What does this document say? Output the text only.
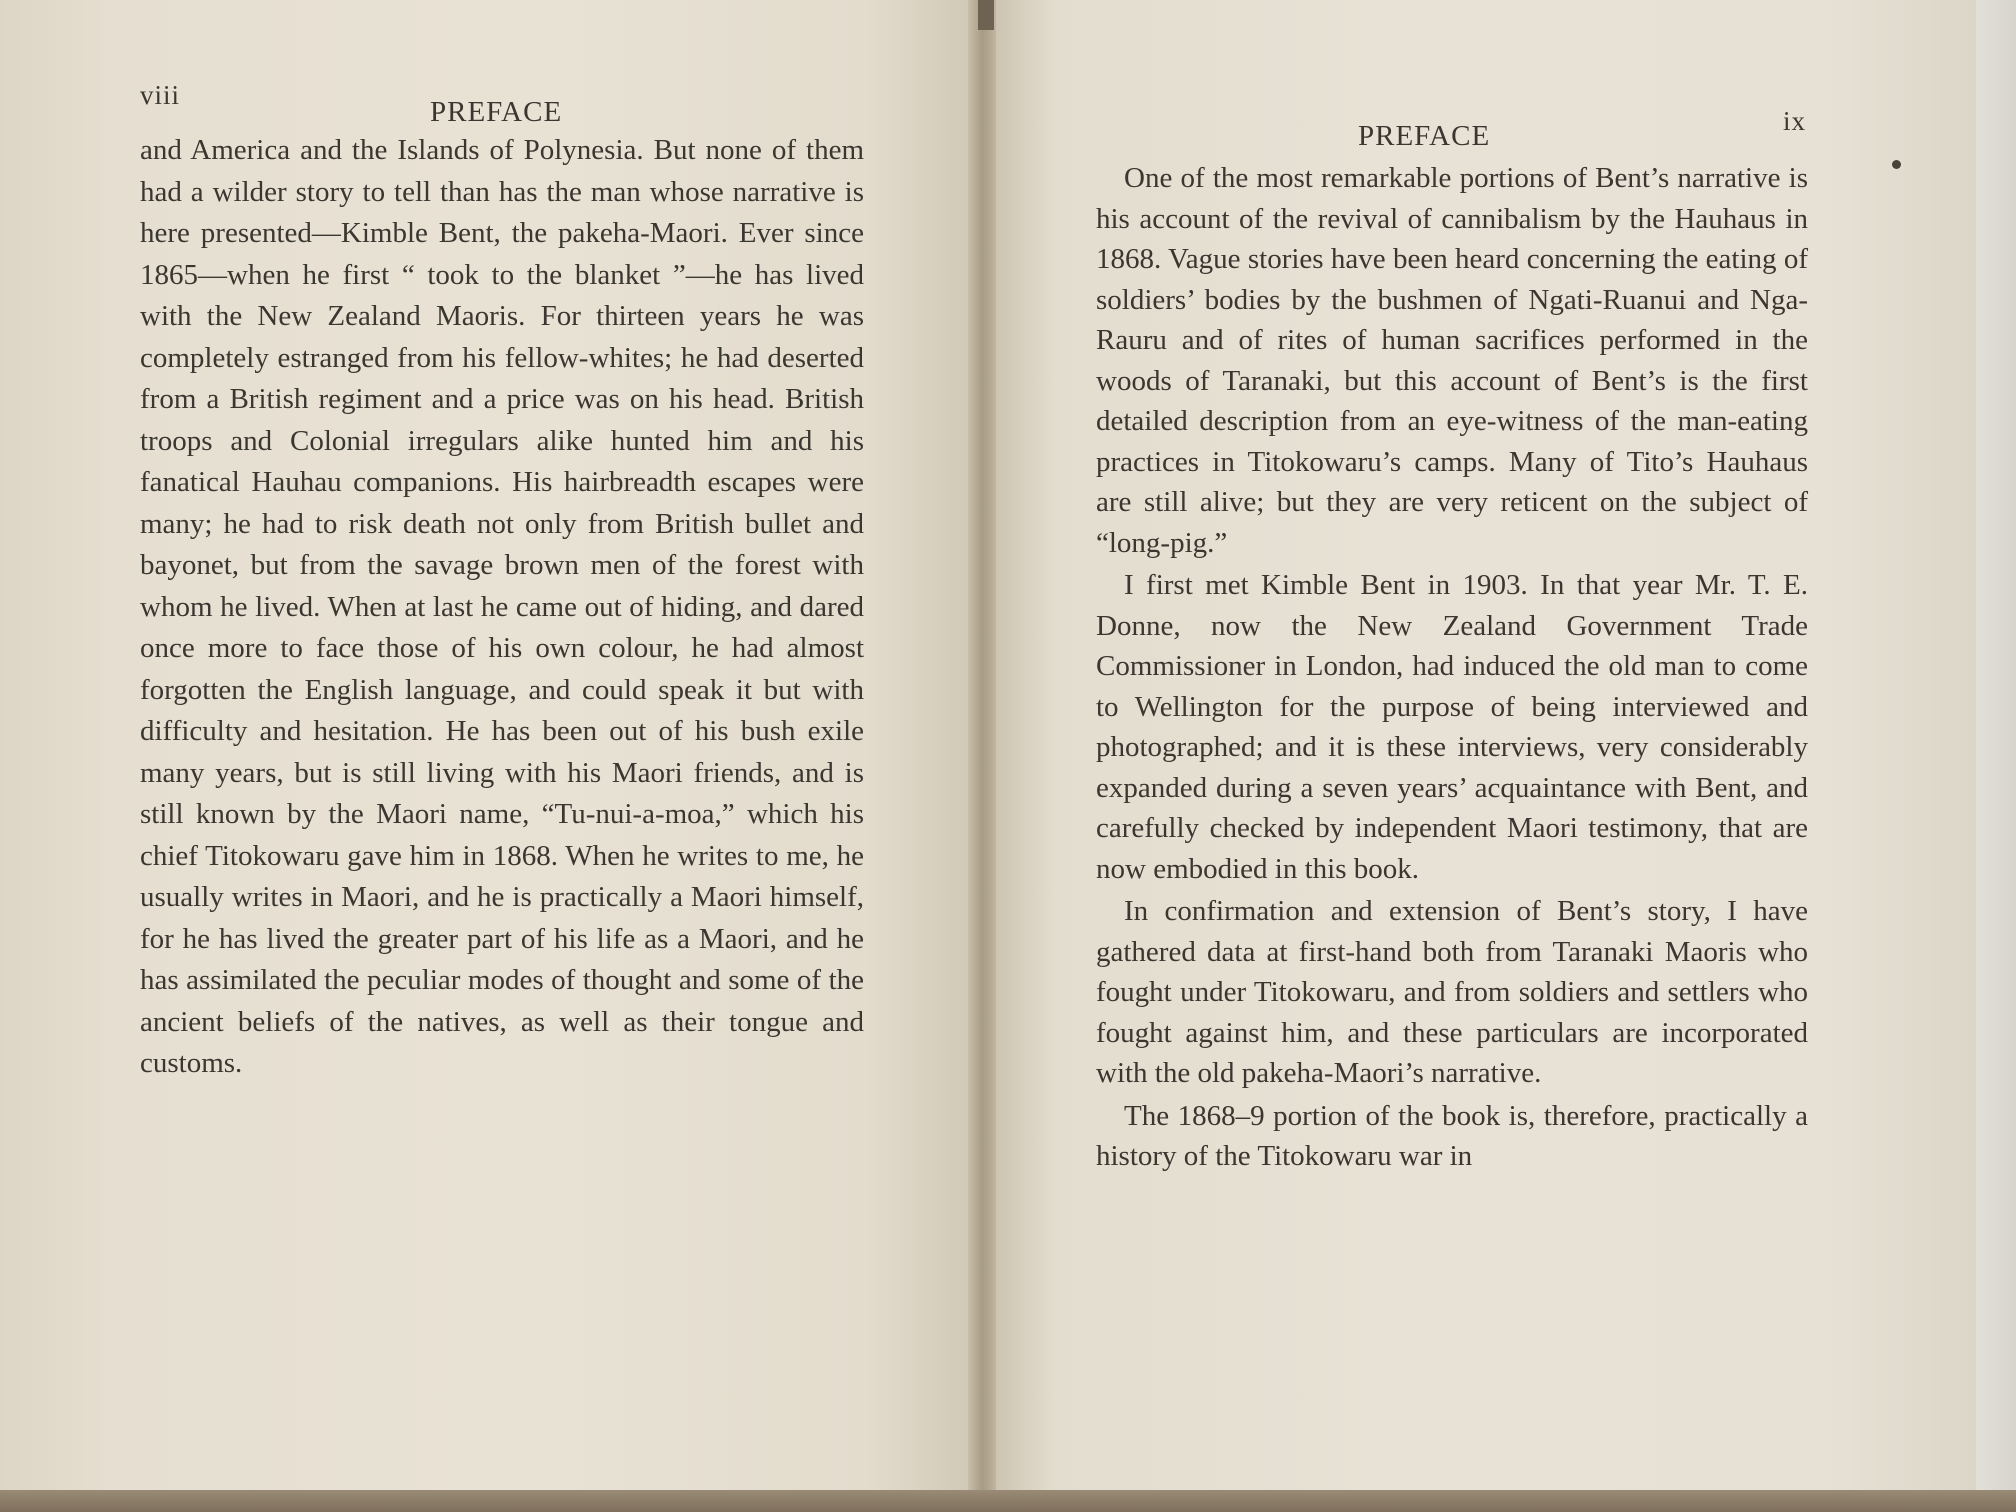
viii
PREFACE

and America and the Islands of Polynesia. But none of them had a wilder story to tell than has the man whose narrative is here presented—Kimble Bent, the pakeha-Maori. Ever since 1865—when he first “ took to the blanket ”—he has lived with the New Zealand Maoris. For thirteen years he was completely estranged from his fellow-whites; he had deserted from a British regiment and a price was on his head. British troops and Colonial irregulars alike hunted him and his fanatical Hauhau companions. His hairbreadth escapes were many; he had to risk death not only from British bullet and bayonet, but from the savage brown men of the forest with whom he lived. When at last he came out of hiding, and dared once more to face those of his own colour, he had almost forgotten the English language, and could speak it but with difficulty and hesitation. He has been out of his bush exile many years, but is still living with his Maori friends, and is still known by the Maori name, “Tu-nui-a-moa,” which his chief Titokowaru gave him in 1868. When he writes to me, he usually writes in Maori, and he is practically a Maori himself, for he has lived the greater part of his life as a Maori, and he has assimilated the peculiar modes of thought and some of the ancient beliefs of the natives, as well as their tongue and customs.

PREFACE	ix

One of the most remarkable portions of Bent’s narrative is his account of the revival of cannibalism by the Hauhaus in 1868. Vague stories have been heard concerning the eating of soldiers’ bodies by the bushmen of Ngati-Ruanui and Nga-Rauru and of rites of human sacrifices performed in the woods of Taranaki, but this account of Bent’s is the first detailed description from an eye-witness of the man-eating practices in Titokowaru’s camps. Many of Tito’s Hauhaus are still alive; but they are very reticent on the subject of “long-pig.”

I first met Kimble Bent in 1903. In that year Mr. T. E. Donne, now the New Zealand Government Trade Commissioner in London, had induced the old man to come to Wellington for the purpose of being interviewed and photographed; and it is these interviews, very considerably expanded during a seven years’ acquaintance with Bent, and carefully checked by independent Maori testimony, that are now embodied in this book.

In confirmation and extension of Bent’s story, I have gathered data at first-hand both from Taranaki Maoris who fought under Titokowaru, and from soldiers and settlers who fought against him, and these particulars are incorporated with the old pakeha-Maori’s narrative.

The 1868–9 portion of the book is, therefore, practically a history of the Titokowaru war in
